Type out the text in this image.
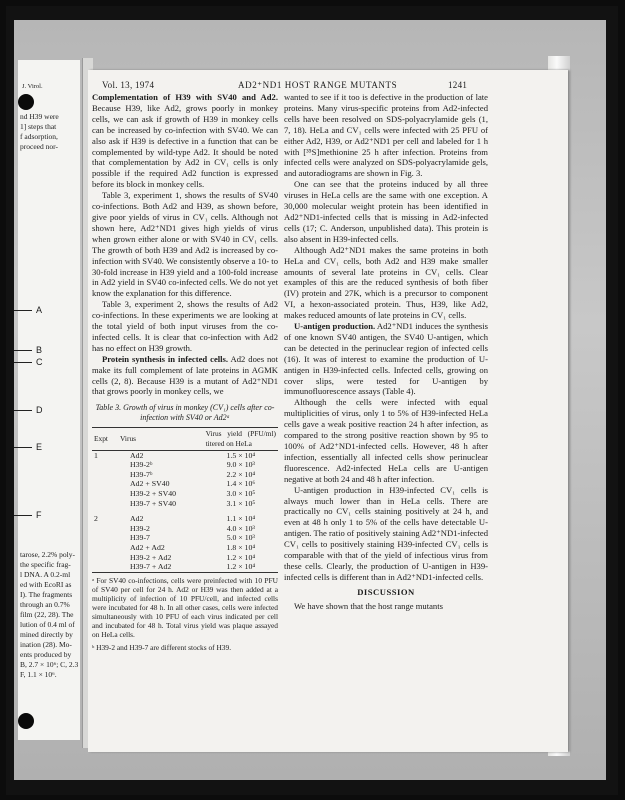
J. Virol.
nd H39 were
1] steps that
f adsorption,
proceed nor-
tarose, 2.2% poly-
the specific frag-
l DNA. A 0.2-ml
ed with EcoRI as
I). The fragments
through an 0.7%
film (22, 28). The
lution of 0.4 ml of
mined directly by
ination (28). Mo-
ents produced by
B, 2.7 × 10⁶; C, 2.3
F, 1.1 × 10⁶.
A
B
C
D
E
F
Vol. 13, 1974	AD2⁺ND1 HOST RANGE MUTANTS	1241

Complementation of H39 with SV40 and Ad2. Because H39, like Ad2, grows poorly in monkey cells, we can ask if growth of H39 in monkey cells can be increased by co-infection with SV40. We can also ask if H39 is defective in a function that can be complemented by wild-type Ad2. It should be noted that complementation by Ad2 in CV₁ cells is only possible if the required Ad2 function is expressed before its block in monkey cells.

Table 3, experiment 1, shows the results of SV40 co-infections. Both Ad2 and H39, as shown before, give poor yields of virus in CV₁ cells. Although not shown here, Ad2⁺ND1 gives high yields of virus when grown either alone or with SV40 in CV₁ cells. The growth of both H39 and Ad2 is increased by co-infection with SV40. We consistently observe a 10- to 30-fold increase in H39 yield and a 100-fold increase in Ad2 yield in SV40 co-infected cells. We do not yet know the explanation for this difference.

Table 3, experiment 2, shows the results of Ad2 co-infections. In these experiments we are looking at the total yield of both input viruses from the co-infected cells. It is clear that co-infection with Ad2 has no effect on H39 growth.

Protein synthesis in infected cells. Ad2 does not make its full complement of late proteins in AGMK cells (2, 8). Because H39 is a mutant of Ad2⁺ND1 that grows poorly in monkey cells, we

Table 3. Growth of virus in monkey (CV₁) cells after co-infection with SV40 or Ad2ᵃ
Expt	Virus	Virus yield (PFU/ml) titered on HeLa
1	Ad2	1.5 × 10⁴
	H39-2ᵇ	9.0 × 10³
	H39-7ᵇ	2.2 × 10⁴
	Ad2 + SV40	1.4 × 10⁶
	H39-2 + SV40	3.0 × 10⁵
	H39-7 + SV40	3.1 × 10⁵

2	Ad2	1.1 × 10⁴
	H39-2	4.0 × 10³
	H39-7	5.0 × 10³
	Ad2 + Ad2	1.8 × 10⁴
	H39-2 + Ad2	1.2 × 10⁴
	H39-7 + Ad2	1.2 × 10⁴
ᵃ For SV40 co-infections, cells were preinfected with 10 PFU of SV40 per cell for 24 h. Ad2 or H39 was then added at a multiplicity of infection of 10 PFU/cell, and infected cells were incubated for 48 h. In all other cases, cells were infected simultaneously with 10 PFU of each virus indicated per cell and incubated for 48 h. Total virus yield was plaque assayed on HeLa cells.
ᵇ H39-2 and H39-7 are different stocks of H39.

wanted to see if it too is defective in the production of late proteins. Many virus-specific proteins from Ad2-infected cells have been resolved on SDS-polyacrylamide gels (1, 7, 18). HeLa and CV₁ cells were infected with 25 PFU of either Ad2, H39, or Ad2⁺ND1 per cell and labeled for 1 h with [³⁵S]methionine 25 h after infection. Proteins from infected cells were analyzed on SDS-polyacrylamide gels, and autoradiograms are shown in Fig. 3.

One can see that the proteins induced by all three viruses in HeLa cells are the same with one exception. A 30,000 molecular weight protein has been identified in Ad2⁺ND1-infected cells that is missing in Ad2-infected cells (17; C. Anderson, unpublished data). This protein is also absent in H39-infected cells.

Although Ad2⁺ND1 makes the same proteins in both HeLa and CV₁ cells, both Ad2 and H39 make smaller amounts of several late proteins in CV₁ cells. Clear examples of this are the reduced synthesis of both fiber (IV) protein and 27K, which is a precursor to component VI, a hexon-associated protein. Thus, H39, like Ad2, makes reduced amounts of late proteins in CV₁ cells.

U-antigen production. Ad2⁺ND1 induces the synthesis of one known SV40 antigen, the SV40 U-antigen, which can be detected in the perinuclear region of infected cells (16). It was of interest to examine the production of U-antigen in H39-infected cells. Infected cells, growing on cover slips, were tested for U-antigen by immunofluorescence assays (Table 4).

Although the cells were infected with equal multiplicities of virus, only 1 to 5% of H39-infected HeLa cells gave a weak positive reaction 24 h after infection, as compared to the strong positive reaction shown by 95 to 100% of Ad2⁺ND1-infected cells. However, 48 h after infection, essentially all infected cells show perinuclear fluorescence. Ad2-infected HeLa cells are U-antigen negative at both 24 and 48 h after infection.

U-antigen production in H39-infected CV₁ cells is always much lower than in HeLa cells. There are practically no CV₁ cells staining positively at 24 h, and even at 48 h only 1 to 5% of the cells have detectable U-antigen. The ratio of positively staining Ad2⁺ND1-infected CV₁ cells to positively staining H39-infected CV₁ cells is comparable with that of the yield of infectious virus from these cells. Clearly, the production of U-antigen in H39-infected cells is different than in Ad2⁺ND1-infected cells.

DISCUSSION

We have shown that the host range mutants
